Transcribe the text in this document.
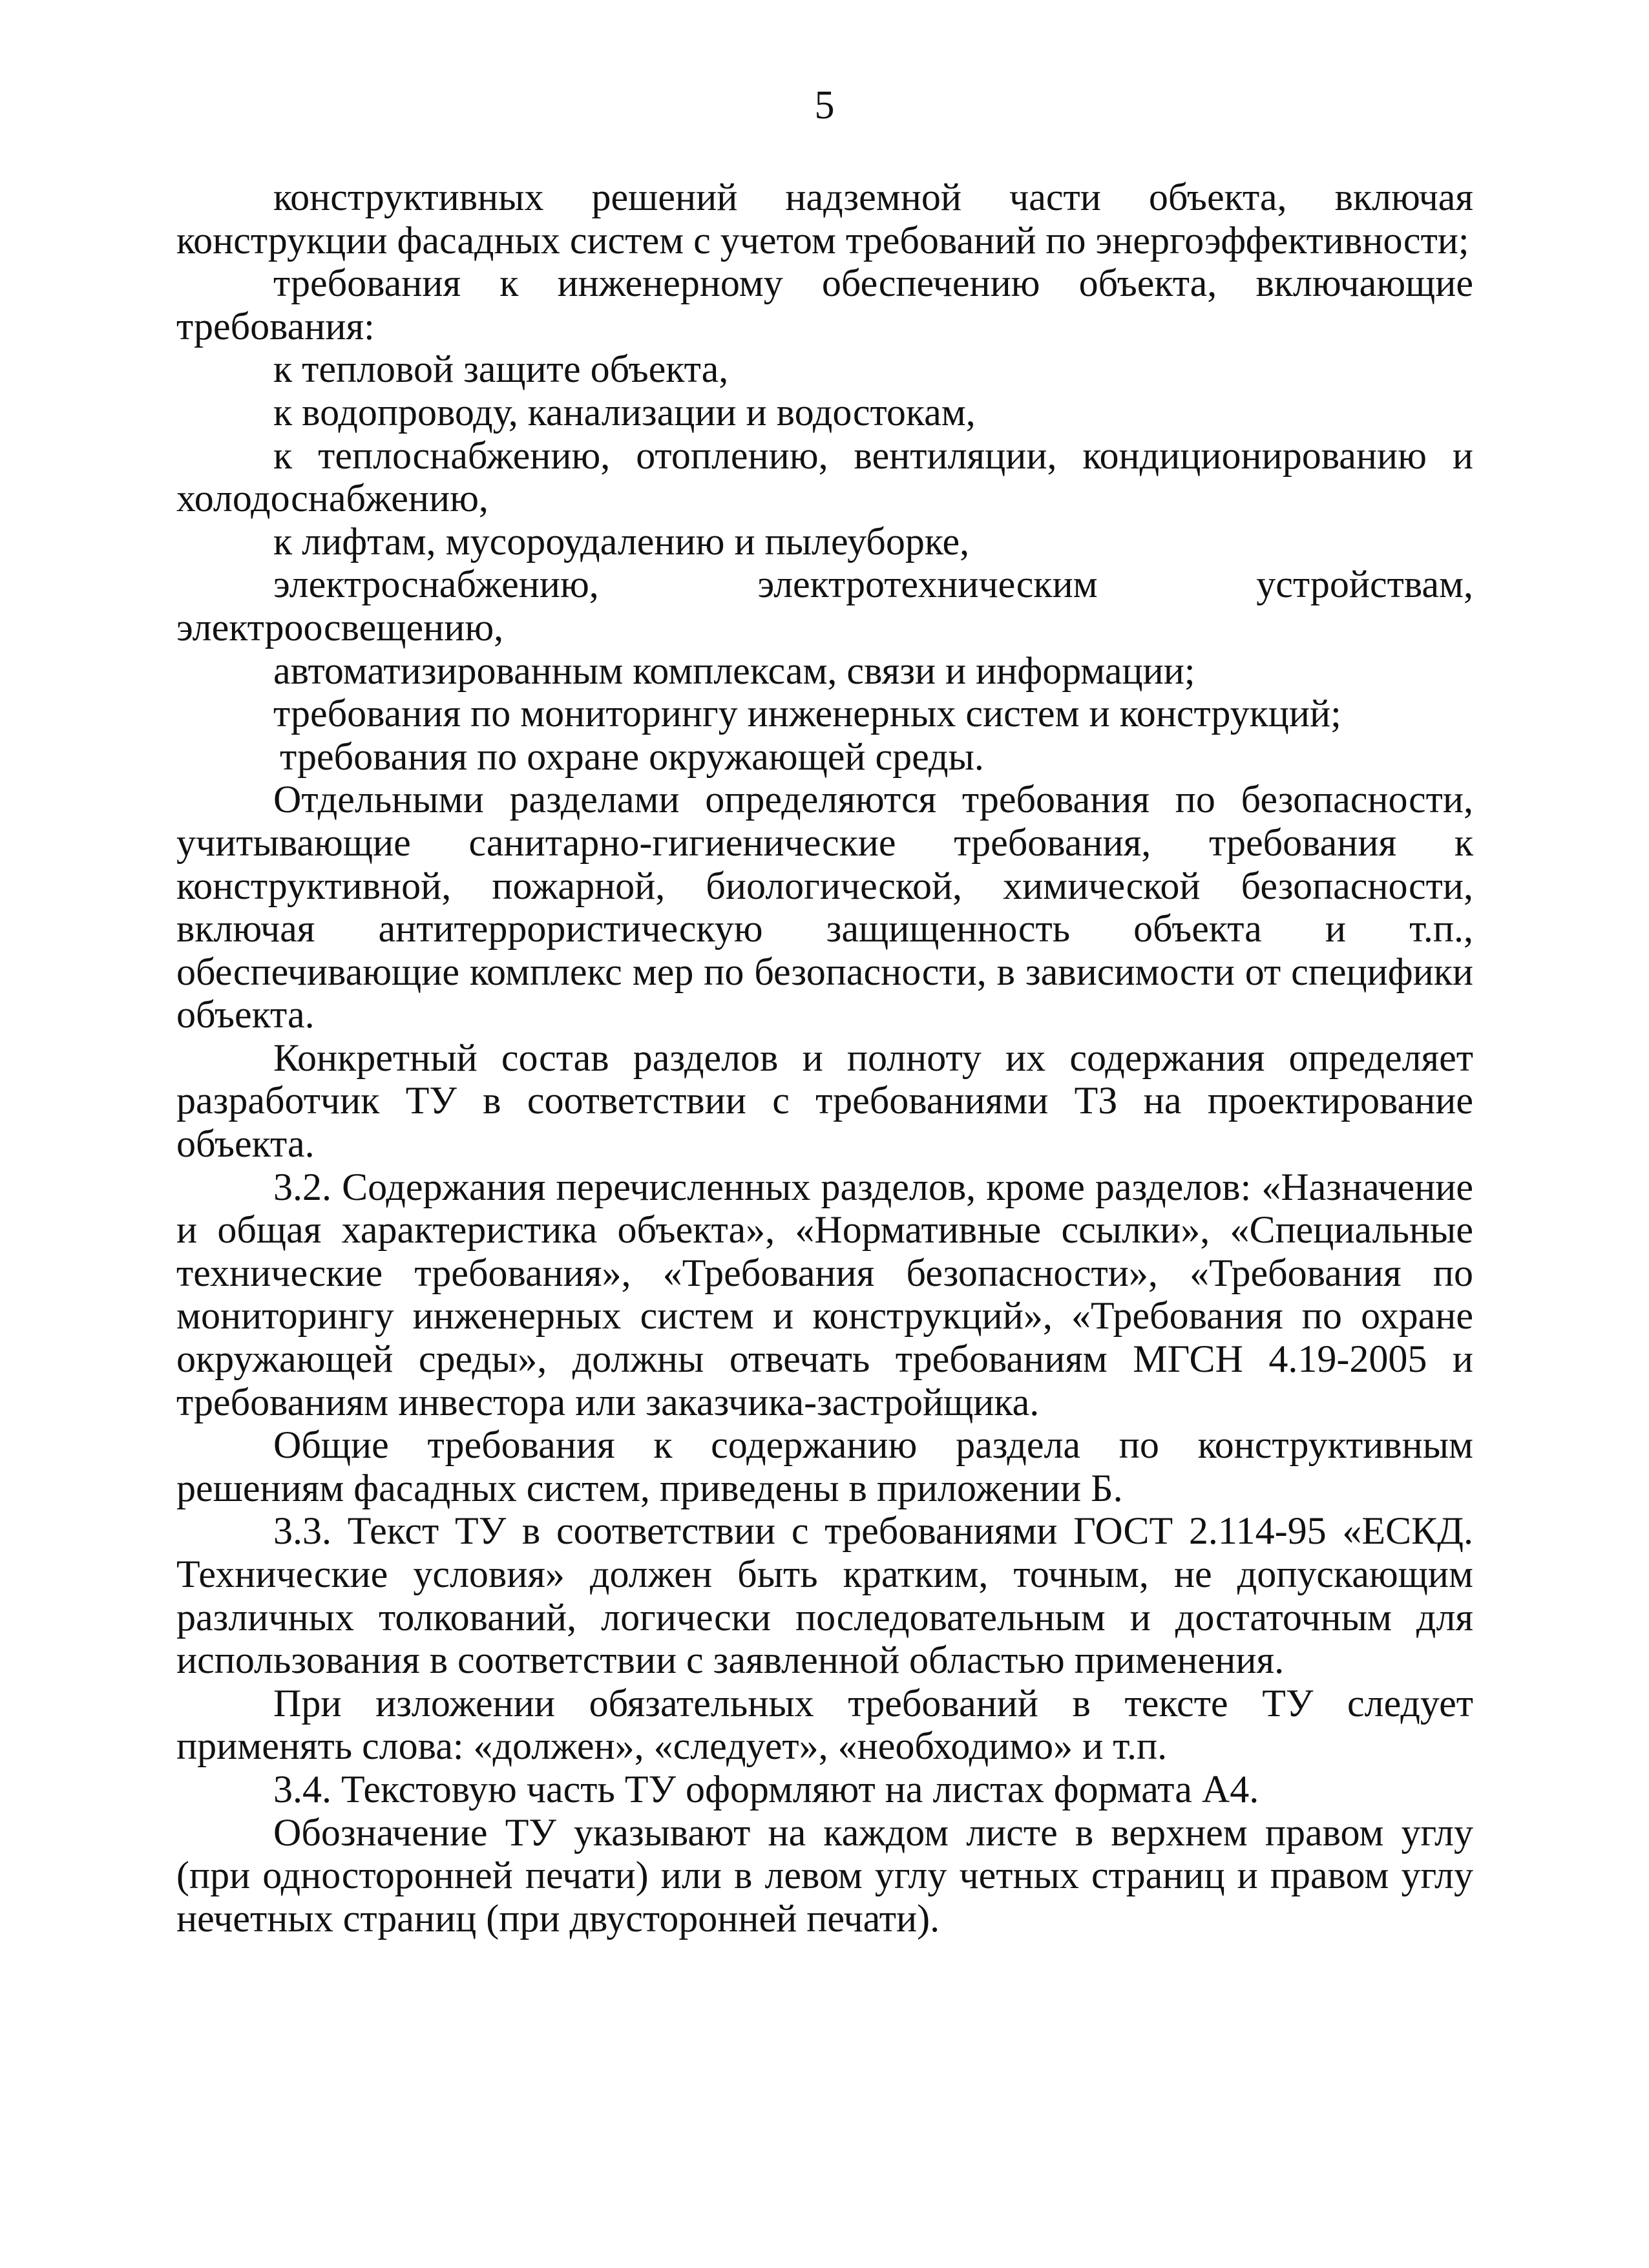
5

конструктивных решений надземной части объекта, включая конструкции фасадных систем с учетом требований по энергоэффективности;

требования к инженерному обеспечению объекта, включающие требования:

к тепловой защите объекта,

к водопроводу, канализации и водостокам,

к теплоснабжению, отоплению, вентиляции, кондиционированию и холодоснабжению,

к лифтам, мусороудалению и пылеуборке,

электроснабжению, электротехническим устройствам, электроосвещению,

автоматизированным комплексам, связи и информации;

требования по мониторингу инженерных систем и конструкций;

требования по охране окружающей среды.

Отдельными разделами определяются требования по безопасности, учитывающие санитарно-гигиенические требования, требования к конструктивной, пожарной, биологической, химической безопасности, включая антитеррористическую защищенность объекта и т.п., обеспечивающие комплекс мер по безопасности, в зависимости от специфики объекта.

Конкретный состав разделов и полноту их содержания определяет разработчик ТУ в соответствии с требованиями ТЗ на проектирование объекта.

3.2. Содержания перечисленных разделов, кроме разделов: «Назначение и общая характеристика объекта», «Нормативные ссылки», «Специальные технические требования», «Требования безопасности», «Требования по мониторингу инженерных систем и конструкций», «Требования по охране окружающей среды», должны отвечать требованиям МГСН 4.19-2005 и требованиям инвестора или заказчика-застройщика.

Общие требования к содержанию раздела по конструктивным решениям фасадных систем, приведены в приложении Б.

3.3. Текст ТУ в соответствии с требованиями ГОСТ 2.114-95 «ЕСКД. Технические условия» должен быть кратким, точным, не допускающим различных толкований, логически последовательным и достаточным для использования в соответствии с заявленной областью применения.

При изложении обязательных требований в тексте ТУ следует применять слова: «должен», «следует», «необходимо» и т.п.

3.4. Текстовую часть ТУ оформляют на листах формата А4.

Обозначение ТУ указывают на каждом листе в верхнем правом углу (при односторонней печати) или в левом углу четных страниц и правом углу нечетных страниц (при двусторонней печати).
